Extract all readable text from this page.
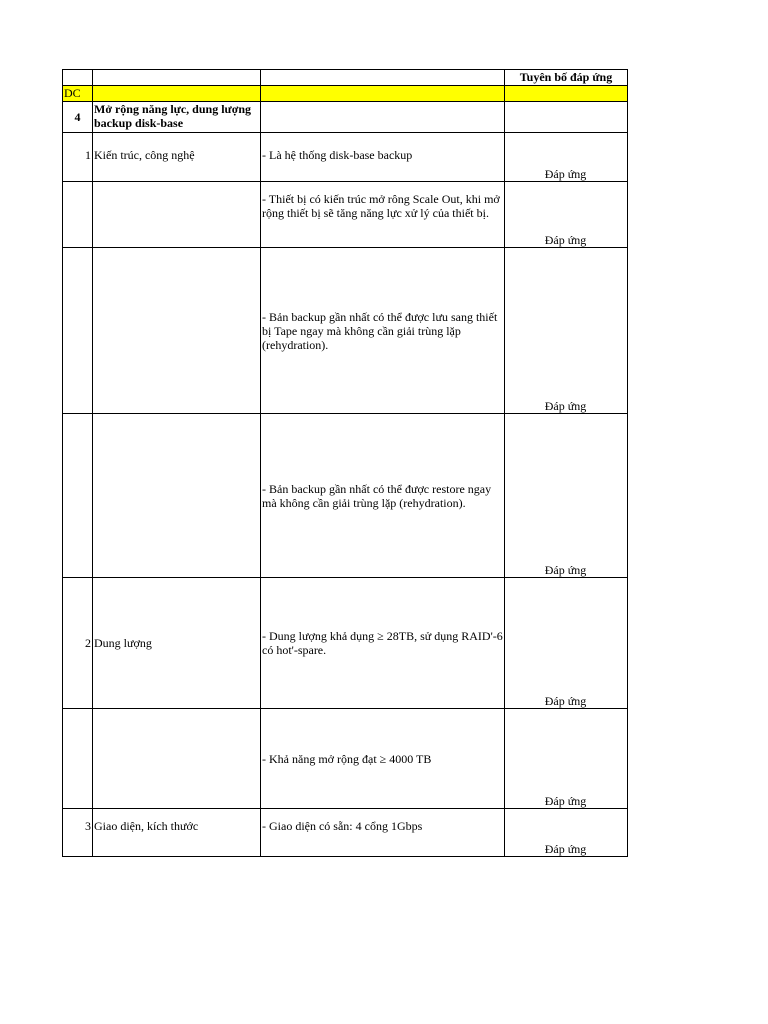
			Tuyên bố đáp ứng
DC			
4	Mở rộng năng lực, dung lượng backup disk-base		
1	Kiến trúc, công nghệ	- Là hệ thống disk-base backup	Đáp ứng
		- Thiết bị có kiến trúc mở rông Scale Out, khi mở rộng thiết bị sẽ tăng năng lực xử lý của thiết bị.	Đáp ứng
		- Bản backup gần nhất có thể được lưu sang thiết bị Tape ngay mà không cần giải trùng lặp (rehydration).	Đáp ứng
		- Bản backup gần nhất có thể được restore ngay mà không cần giải trùng lặp (rehydration).	Đáp ứng
2	Dung lượng	- Dung lượng khả dụng ≥ 28TB, sử dụng RAID'-6 có hot'-spare.	Đáp ứng
		- Khả năng mở rộng đạt ≥ 4000 TB	Đáp ứng
3	Giao diện, kích thước	- Giao diện có sẵn: 4 cổng 1Gbps	Đáp ứng
